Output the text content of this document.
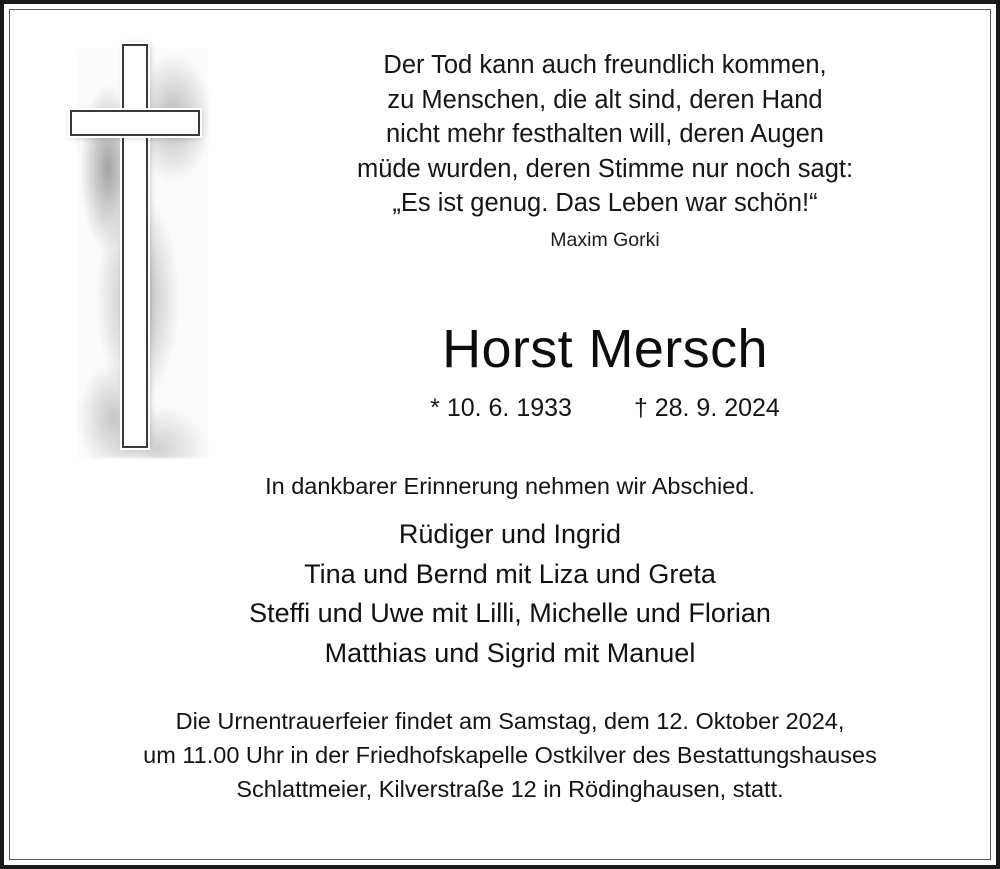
Der Tod kann auch freundlich kommen,
zu Menschen, die alt sind, deren Hand
nicht mehr festhalten will, deren Augen
müde wurden, deren Stimme nur noch sagt:
„Es ist genug. Das Leben war schön!“
Maxim Gorki
Horst Mersch
* 10. 6. 1933 † 28. 9. 2024
In dankbarer Erinnerung nehmen wir Abschied.
Rüdiger und Ingrid
Tina und Bernd mit Liza und Greta
Steffi und Uwe mit Lilli, Michelle und Florian
Matthias und Sigrid mit Manuel
Die Urnentrauerfeier findet am Samstag, dem 12. Oktober 2024,
um 11.00 Uhr in der Friedhofskapelle Ostkilver des Bestattungshauses
Schlattmeier, Kilverstraße 12 in Rödinghausen, statt.
